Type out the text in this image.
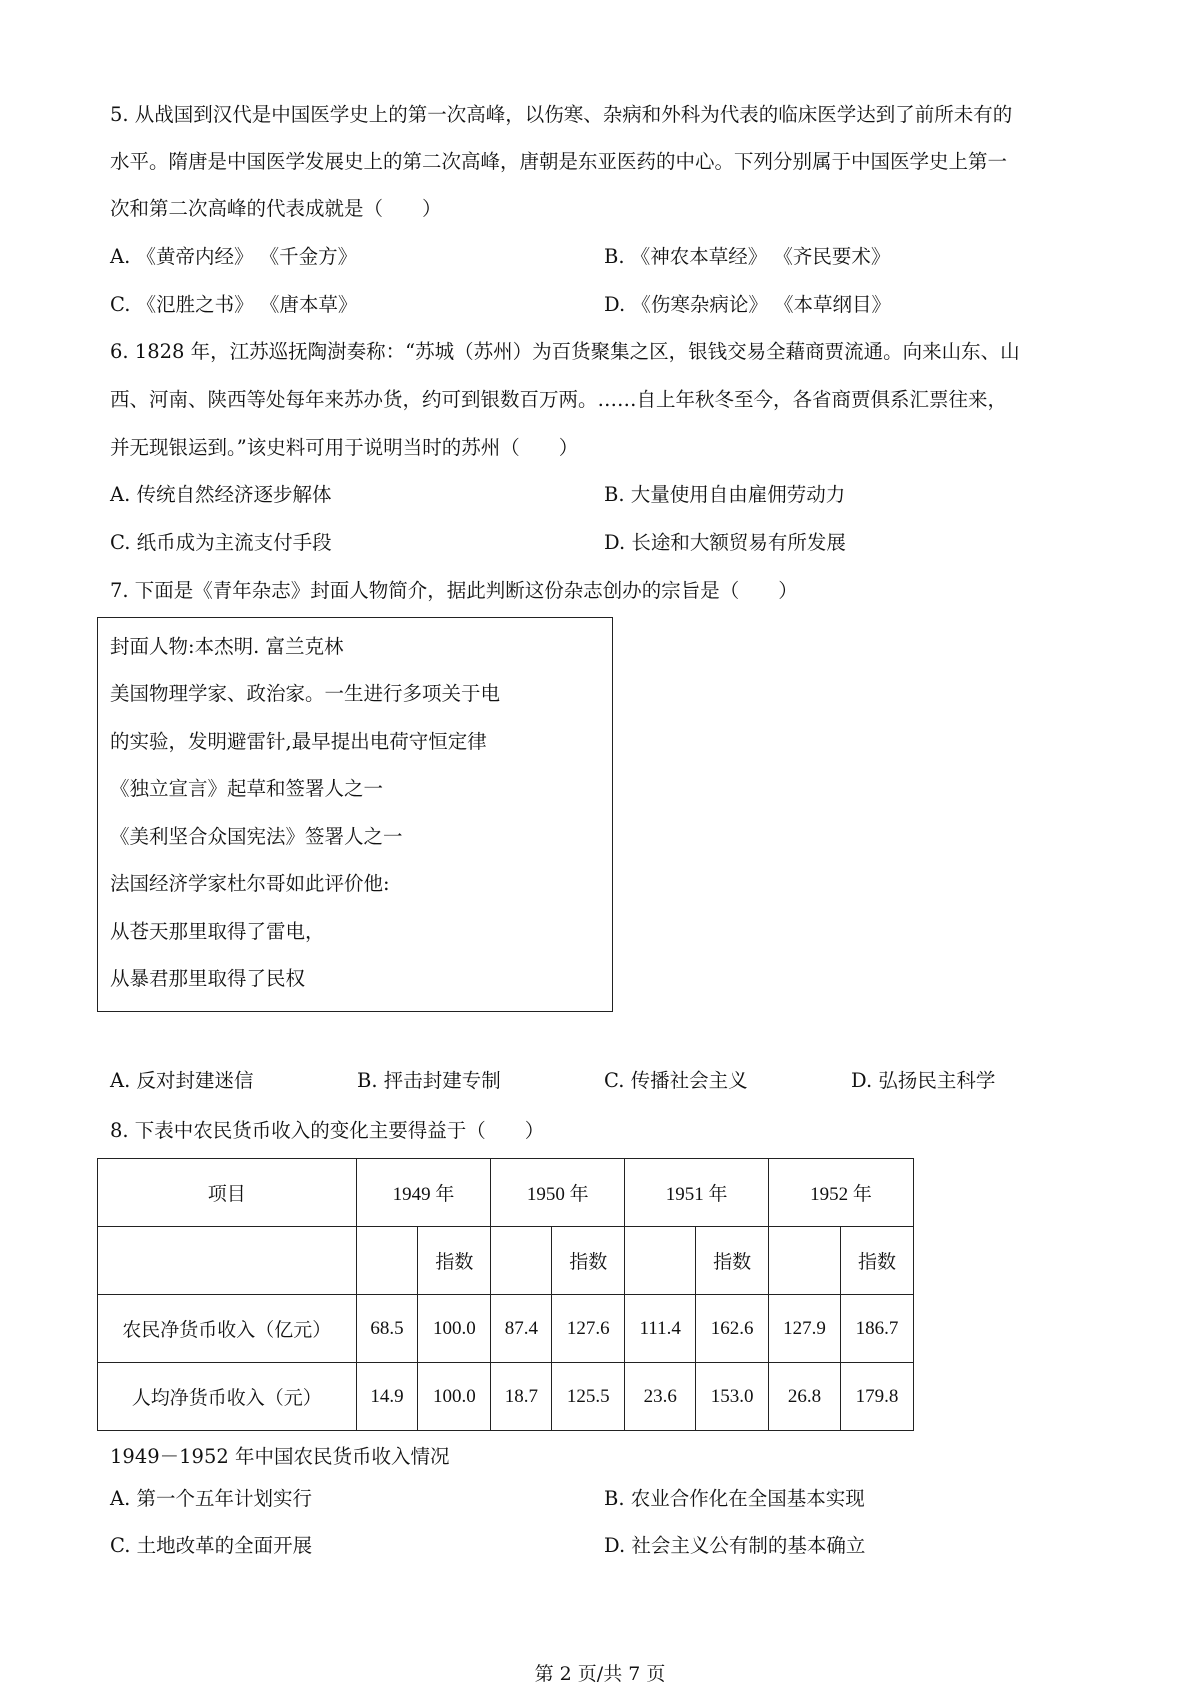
5. 从战国到汉代是中国医学史上的第一次高峰，以伤寒、杂病和外科为代表的临床医学达到了前所未有的
水平。隋唐是中国医学发展史上的第二次高峰，唐朝是东亚医药的中心。下列分别属于中国医学史上第一
次和第二次高峰的代表成就是（　　）
A. 《黄帝内经》 《千金方》	B. 《神农本草经》 《齐民要术》
C. 《氾胜之书》 《唐本草》	D. 《伤寒杂病论》 《本草纲目》
6. 1828 年，江苏巡抚陶澍奏称：“苏城（苏州）为百货聚集之区，银钱交易全藉商贾流通。向来山东、山
西、河南、陕西等处每年来苏办货，约可到银数百万两。……自上年秋冬至今，各省商贾俱系汇票往来，
并无现银运到。”该史料可用于说明当时的苏州（　　）
A. 传统自然经济逐步解体	B. 大量使用自由雇佣劳动力
C. 纸币成为主流支付手段	D. 长途和大额贸易有所发展
7. 下面是《青年杂志》封面人物简介，据此判断这份杂志创办的宗旨是（　　）
封面人物:本杰明. 富兰克林
美国物理学家、政治家。一生进行多项关于电
的实验，发明避雷针,最早提出电荷守恒定律
《独立宣言》起草和签署人之一
《美利坚合众国宪法》签署人之一
法国经济学家杜尔哥如此评价他:
从苍天那里取得了雷电，
从暴君那里取得了民权
A. 反对封建迷信	B. 抨击封建专制	C. 传播社会主义	D. 弘扬民主科学
8. 下表中农民货币收入的变化主要得益于（　　）
项目	1949 年		1950 年		1951 年		1952 年	
		指数		指数		指数		指数
农民净货币收入（亿元）	68.5	100.0	87.4	127.6	111.4	162.6	127.9	186.7
人均净货币收入（元）	14.9	100.0	18.7	125.5	23.6	153.0	26.8	179.8
1949－1952 年中国农民货币收入情况
A. 第一个五年计划实行	B. 农业合作化在全国基本实现
C. 土地改革的全面开展	D. 社会主义公有制的基本确立
第 2 页/共 7 页
